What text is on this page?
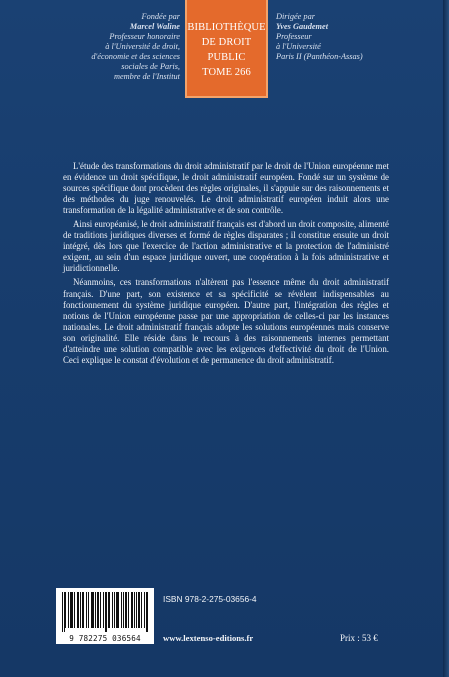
Fondée par
Marcel Waline
Professeur honoraire
à l'Université de droit,
d'économie et des sciences
sociales de Paris,
membre de l'Institut
BIBLIOTHÈQUE
DE DROIT
PUBLIC
TOME 266
Dirigée par
Yves Gaudemet
Professeur
à l'Université
Paris II (Panthéon-Assas)

L'étude des transformations du droit administratif par le droit de l'Union européenne met en évidence un droit spécifique, le droit administratif européen. Fondé sur un système de sources spécifique dont procèdent des règles originales, il s'appuie sur des raisonnements et des méthodes du juge renouvelés. Le droit administratif européen induit alors une transformation de la légalité administrative et de son contrôle.

Ainsi européanisé, le droit administratif français est d'abord un droit composite, alimenté de traditions juridiques diverses et formé de règles disparates ; il constitue ensuite un droit intégré, dès lors que l'exercice de l'action administrative et la protection de l'administré exigent, au sein d'un espace juridique ouvert, une coopération à la fois administrative et juridictionnelle.

Néanmoins, ces transformations n'altèrent pas l'essence même du droit administratif français. D'une part, son existence et sa spécificité se révèlent indispensables au fonctionnement du système juridique européen. D'autre part, l'intégration des règles et notions de l'Union européenne passe par une appropriation de celles-ci par les instances nationales. Le droit administratif français adopte les solutions européennes mais conserve son originalité. Elle réside dans le recours à des raisonnements internes permettant d'atteindre une solution compatible avec les exigences d'effectivité du droit de l'Union. Ceci explique le constat d'évolution et de permanence du droit administratif.

9 782275 036564
ISBN 978-2-275-03656-4
www.lextenso-editions.fr	Prix : 53 €
